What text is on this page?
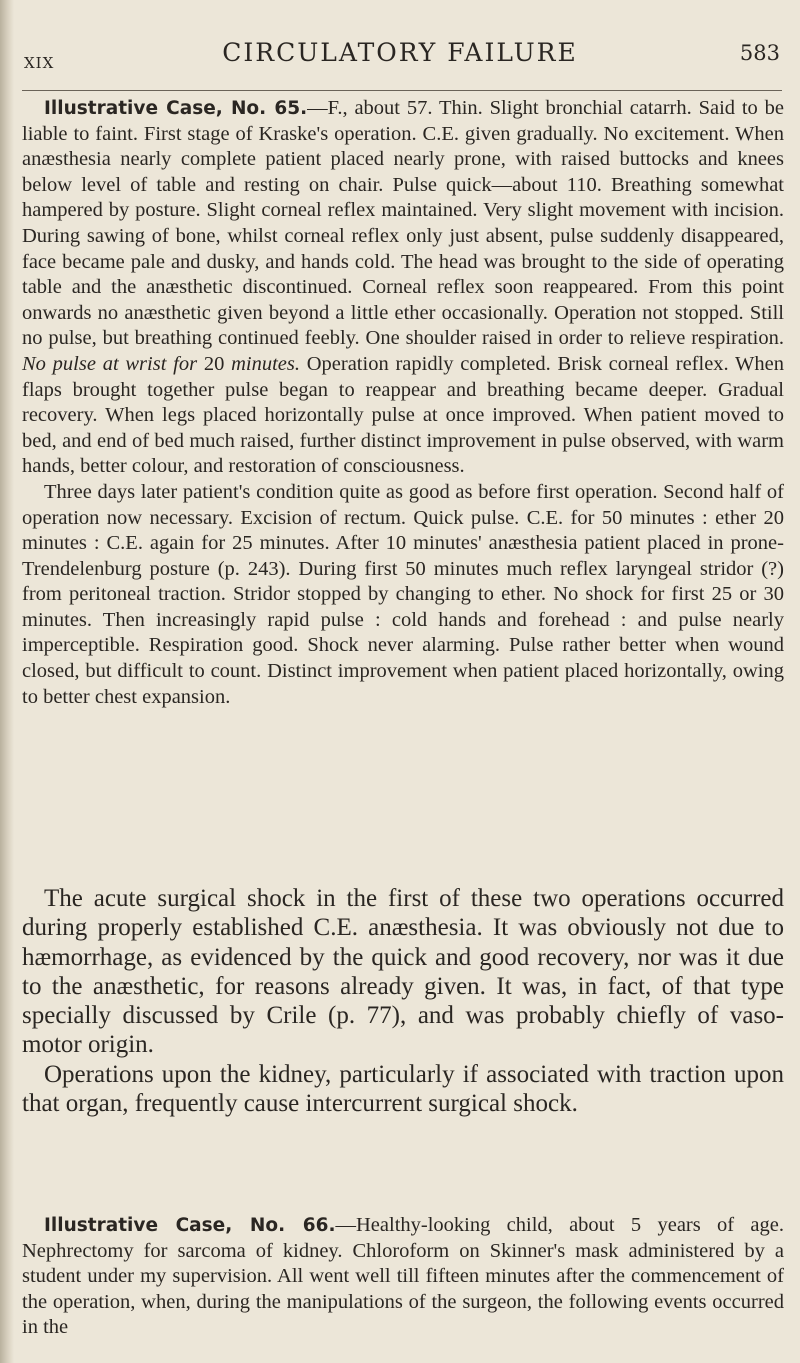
XIX	CIRCULATORY FAILURE	583

Illustrative Case, No. 65.—F., about 57. Thin. Slight bronchial catarrh. Said to be liable to faint. First stage of Kraske's operation. C.E. given gradually. No excitement. When anæsthesia nearly complete patient placed nearly prone, with raised buttocks and knees below level of table and resting on chair. Pulse quick—about 110. Breathing somewhat hampered by posture. Slight corneal reflex maintained. Very slight movement with incision. During sawing of bone, whilst corneal reflex only just absent, pulse suddenly disappeared, face became pale and dusky, and hands cold. The head was brought to the side of operating table and the anæsthetic discontinued. Corneal reflex soon reappeared. From this point onwards no anæsthetic given beyond a little ether occasionally. Operation not stopped. Still no pulse, but breathing continued feebly. One shoulder raised in order to relieve respiration. No pulse at wrist for 20 minutes. Operation rapidly completed. Brisk corneal reflex. When flaps brought together pulse began to reappear and breathing became deeper. Gradual recovery. When legs placed horizontally pulse at once improved. When patient moved to bed, and end of bed much raised, further distinct improvement in pulse observed, with warm hands, better colour, and restoration of consciousness.

Three days later patient's condition quite as good as before first operation. Second half of operation now necessary. Excision of rectum. Quick pulse. C.E. for 50 minutes : ether 20 minutes : C.E. again for 25 minutes. After 10 minutes' anæsthesia patient placed in prone-Trendelenburg posture (p. 243). During first 50 minutes much reflex laryngeal stridor (?) from peritoneal traction. Stridor stopped by changing to ether. No shock for first 25 or 30 minutes. Then increasingly rapid pulse : cold hands and forehead : and pulse nearly imperceptible. Respiration good. Shock never alarming. Pulse rather better when wound closed, but difficult to count. Distinct improvement when patient placed horizontally, owing to better chest expansion.

The acute surgical shock in the first of these two operations occurred during properly established C.E. anæsthesia. It was obviously not due to hæmorrhage, as evidenced by the quick and good recovery, nor was it due to the anæsthetic, for reasons already given. It was, in fact, of that type specially discussed by Crile (p. 77), and was probably chiefly of vaso-motor origin.

Operations upon the kidney, particularly if associated with traction upon that organ, frequently cause intercurrent surgical shock.

Illustrative Case, No. 66.—Healthy-looking child, about 5 years of age. Nephrectomy for sarcoma of kidney. Chloroform on Skinner's mask administered by a student under my supervision. All went well till fifteen minutes after the commencement of the operation, when, during the manipulations of the surgeon, the following events occurred in the
